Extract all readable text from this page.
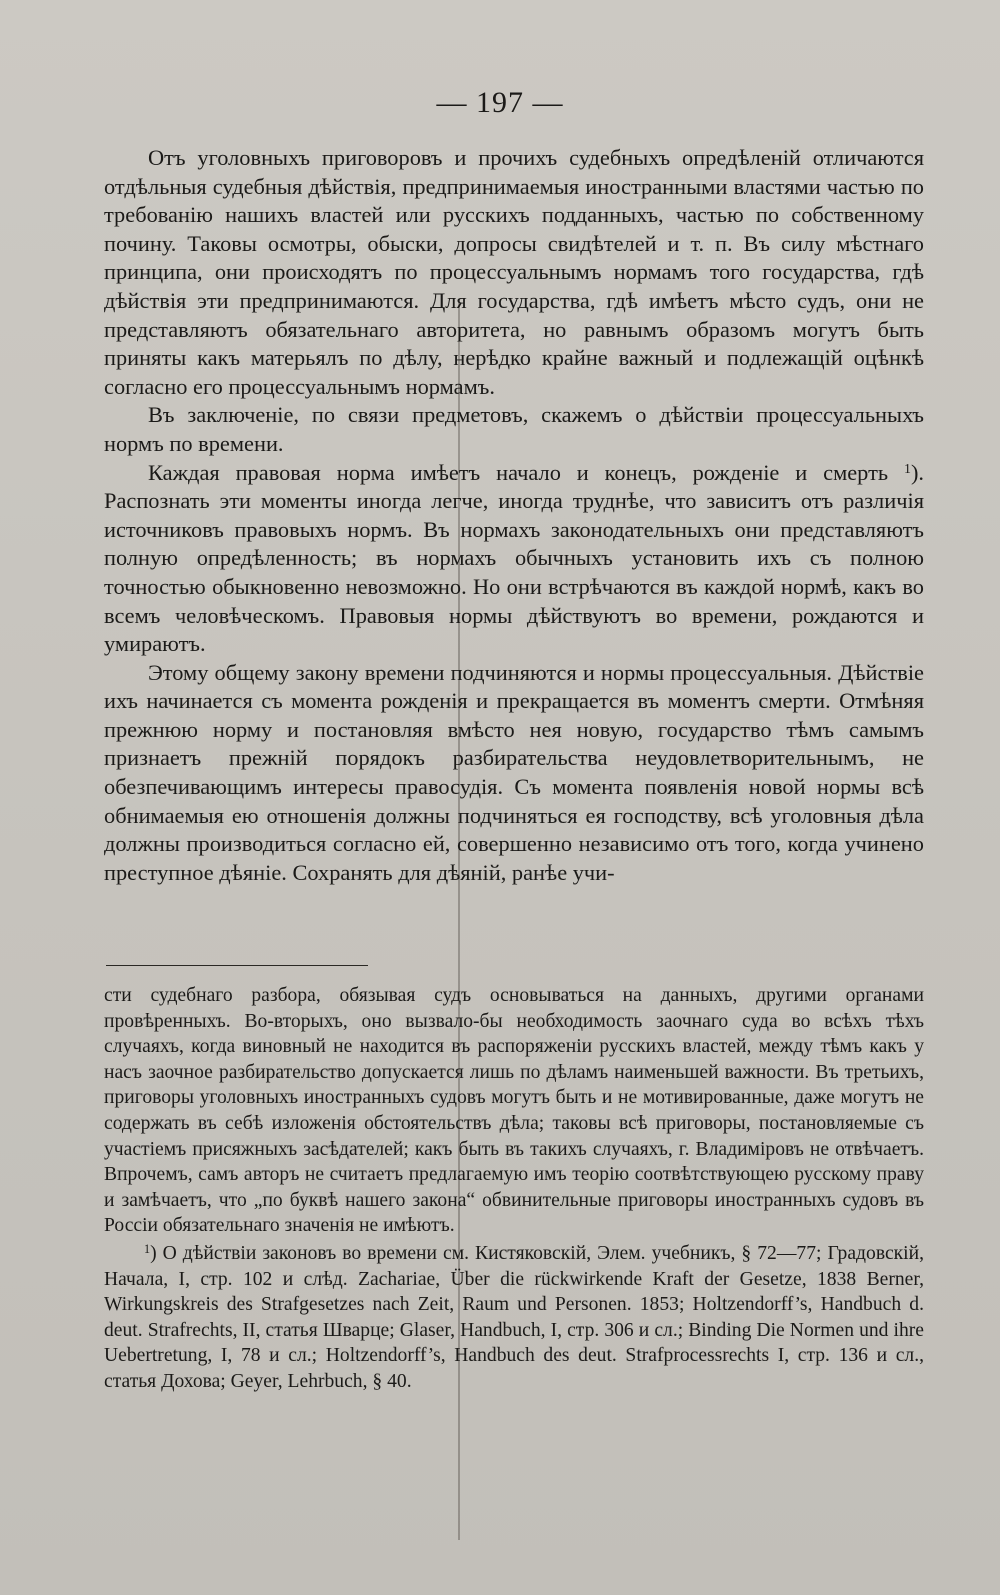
— 197 —

Отъ уголовныхъ приговоровъ и прочихъ судебныхъ опредѣленій отличаются отдѣльныя судебныя дѣйствія, предпринимаемыя иностранными властями частью по требованію нашихъ властей или русскихъ подданныхъ, частью по собственному почину. Таковы осмотры, обыски, допросы свидѣтелей и т. п. Въ силу мѣстнаго принципа, они происходятъ по процессуальнымъ нормамъ того государства, гдѣ дѣйствія эти предпринимаются. Для государства, гдѣ имѣетъ мѣсто судъ, они не представляютъ обязательнаго авторитета, но равнымъ образомъ могутъ быть приняты какъ матерьялъ по дѣлу, нерѣдко крайне важный и подлежащій оцѣнкѣ согласно его процессуальнымъ нормамъ.

Въ заключеніе, по связи предметовъ, скажемъ о дѣйствіи процессуальныхъ нормъ по времени.

Каждая правовая норма имѣетъ начало и конецъ, рожденіе и смерть $^1$). Распознать эти моменты иногда легче, иногда труднѣе, что зависитъ отъ различія источниковъ правовыхъ нормъ. Въ нормахъ законодательныхъ они представляютъ полную опредѣленность; въ нормахъ обычныхъ установить ихъ съ полною точностью обыкновенно невозможно. Но они встрѣчаются въ каждой нормѣ, какъ во всемъ человѣческомъ. Правовыя нормы дѣйствуютъ во времени, рождаются и умираютъ.

Этому общему закону времени подчиняются и нормы процессуальныя. Дѣйствіе ихъ начинается съ момента рожденія и прекращается въ моментъ смерти. Отмѣняя прежнюю норму и постановляя вмѣсто нея новую, государство тѣмъ самымъ признаетъ прежній порядокъ разбирательства неудовлетворительнымъ, не обезпечивающимъ интересы правосудія. Съ момента появленія новой нормы всѣ обнимаемыя ею отношенія должны подчиняться ея господству, всѣ уголовныя дѣла должны производиться согласно ей, совершенно независимо отъ того, когда учинено преступное дѣяніе. Сохранять для дѣяній, ранѣе учи-

сти судебнаго разбора, обязывая судъ основываться на данныхъ, другими органами провѣренныхъ. Во-вторыхъ, оно вызвало-бы необходимость заочнаго суда во всѣхъ тѣхъ случаяхъ, когда виновный не находится въ распоряженіи русскихъ властей, между тѣмъ какъ у насъ заочное разбирательство допускается лишь по дѣламъ наименьшей важности. Въ третьихъ, приговоры уголовныхъ иностранныхъ судовъ могутъ быть и не мотивированные, даже могутъ не содержать въ себѣ изложенія обстоятельствъ дѣла; таковы всѣ приговоры, постановляемые съ участіемъ присяжныхъ засѣдателей; какъ быть въ такихъ случаяхъ, г. Владиміровъ не отвѣчаетъ. Впрочемъ, самъ авторъ не считаетъ предлагаемую имъ теорію соотвѣтствующею русскому праву и замѣчаетъ, что „по буквѣ нашего закона“ обвинительные приговоры иностранныхъ судовъ въ Россіи обязательнаго значенія не имѣютъ.

$^1$) О дѣйствіи законовъ во времени см. Кистяковскій, Элем. учебникъ, § 72—77; Градовскій, Начала, I, стр. 102 и слѣд. Zachariae, Über die rückwirkende Kraft der Gesetze, 1838 Berner, Wirkungskreis des Strafgesetzes nach Zeit, Raum und Personen. 1853; Holtzendorff’s, Handbuch d. deut. Strafrechts, II, статья Шварце; Glaser, Handbuch, I, стр. 306 и сл.; Binding Die Normen und ihre Uebertretung, I, 78 и сл.; Holtzendorff’s, Handbuch des deut. Strafprocessrechts I, стр. 136 и сл., статья Дохова; Geyer, Lehrbuch, § 40.
